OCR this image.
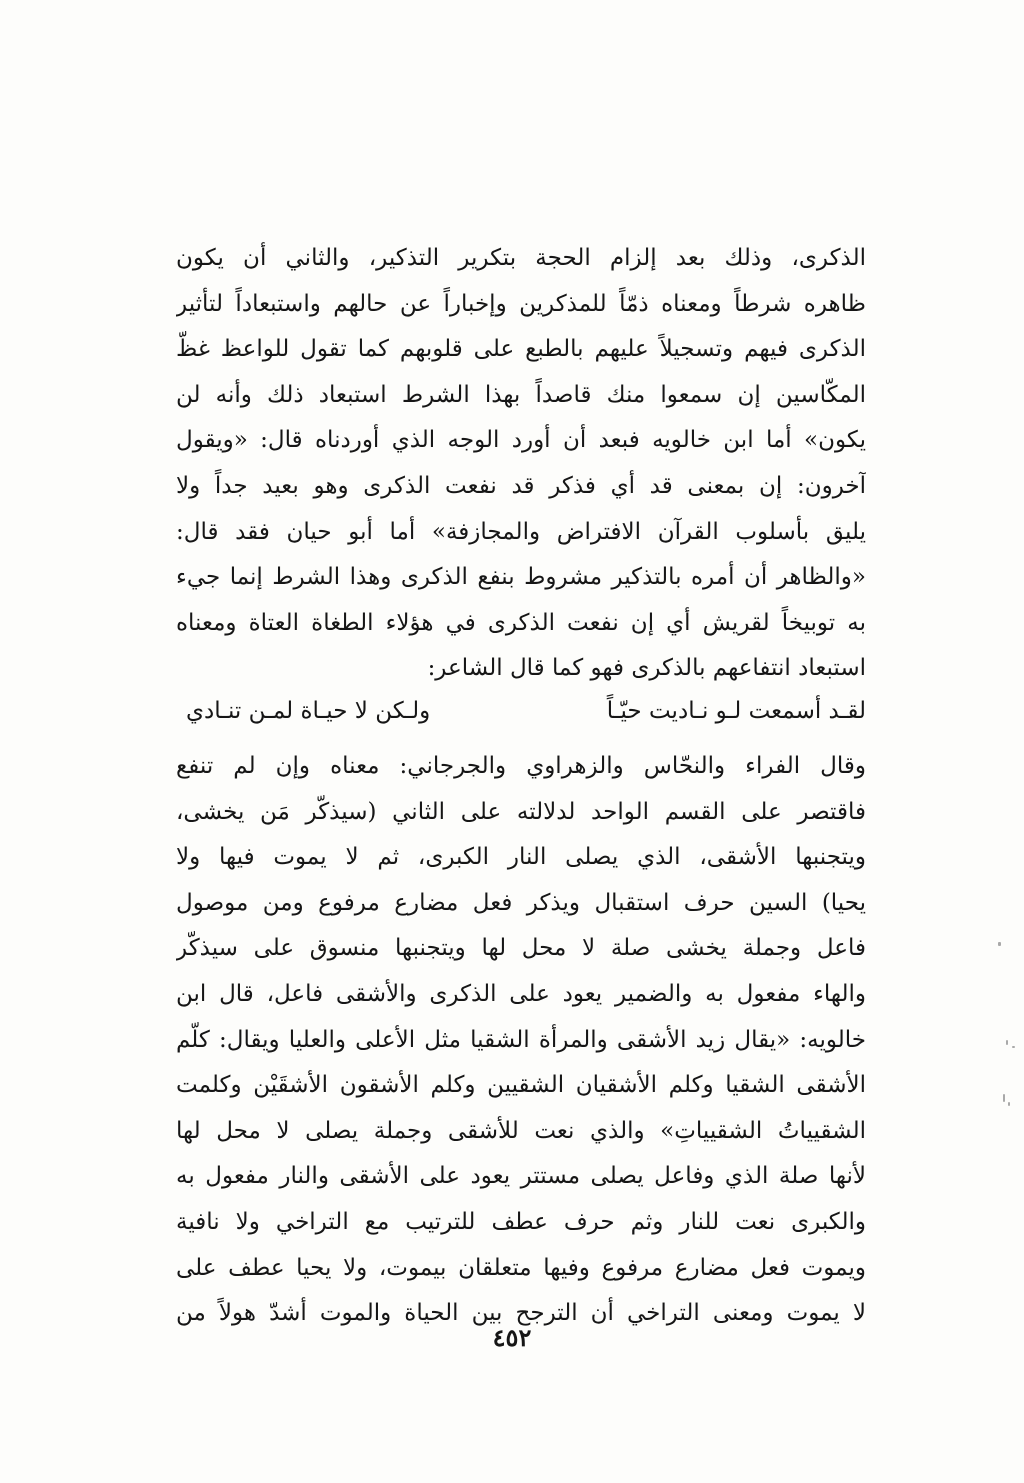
الذكرى، وذلك بعد إلزام الحجة بتكرير التذكير، والثاني أن يكون
ظاهره شرطاً ومعناه ذمّاً للمذكرين وإخباراً عن حالهم واستبعاداً لتأثير
الذكرى فيهم وتسجيلاً عليهم بالطبع على قلوبهم كما تقول للواعظ غظّ
المكّاسين إن سمعوا منك قاصداً بهذا الشرط استبعاد ذلك وأنه لن
يكون» أما ابن خالويه فبعد أن أورد الوجه الذي أوردناه قال: «ويقول
آخرون: إن بمعنى قد أي فذكر قد نفعت الذكرى وهو بعيد جداً ولا
يليق بأسلوب القرآن الافتراض والمجازفة» أما أبو حيان فقد قال:
«والظاهر أن أمره بالتذكير مشروط بنفع الذكرى وهذا الشرط إنما جيء
به توبيخاً لقريش أي إن نفعت الذكرى في هؤلاء الطغاة العتاة ومعناه
استبعاد انتفاعهم بالذكرى فهو كما قال الشاعر:
لقـد أسمعت لـو نـاديت حيّـاً
ولـكن لا حيـاة لمـن تنـادي
وقال الفراء والنحّاس والزهراوي والجرجاني: معناه وإن لم تنفع
فاقتصر على القسم الواحد لدلالته على الثاني (سيذكّر مَن يخشى،
ويتجنبها الأشقى، الذي يصلى النار الكبرى، ثم لا يموت فيها ولا
يحيا) السين حرف استقبال ويذكر فعل مضارع مرفوع ومن موصول
فاعل وجملة يخشى صلة لا محل لها ويتجنبها منسوق على سيذكّر
والهاء مفعول به والضمير يعود على الذكرى والأشقى فاعل، قال ابن
خالويه: «يقال زيد الأشقى والمرأة الشقيا مثل الأعلى والعليا ويقال: كلّم
الأشقى الشقيا وكلم الأشقيان الشقيين وكلم الأشقون الأشقَيْن وكلمت
الشقيياتُ الشقيياتِ» والذي نعت للأشقى وجملة يصلى لا محل لها
لأنها صلة الذي وفاعل يصلى مستتر يعود على الأشقى والنار مفعول به
والكبرى نعت للنار وثم حرف عطف للترتيب مع التراخي ولا نافية
ويموت فعل مضارع مرفوع وفيها متعلقان بيموت، ولا يحيا عطف على
لا يموت ومعنى التراخي أن الترجح بين الحياة والموت أشدّ هولاً من
٤٥٢
